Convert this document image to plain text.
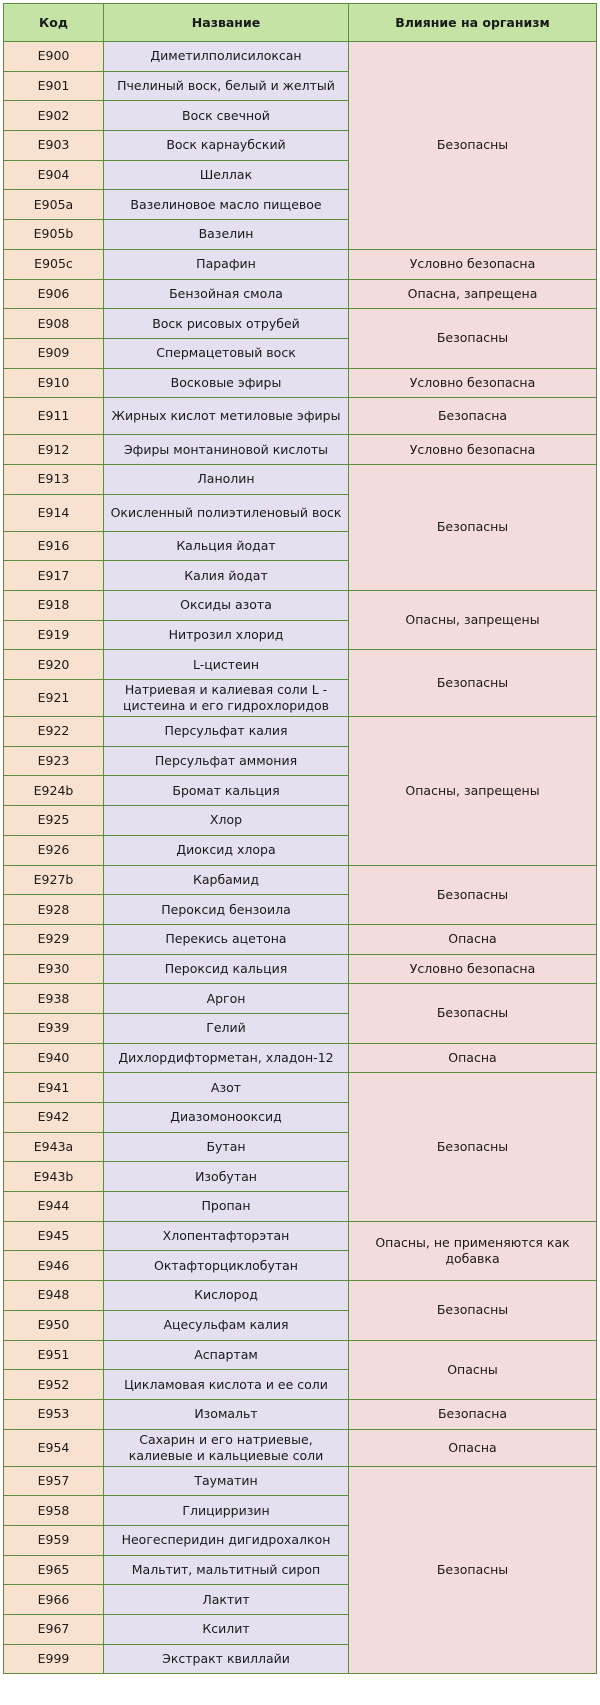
Код	Название	Влияние на организм
E900	Диметилполисилоксан	Безопасны
E901	Пчелиный воск, белый и желтый	
E902	Воск свечной	
E903	Воск карнаубский	
E904	Шеллак	
E905a	Вазелиновое масло пищевое	
E905b	Вазелин	
E905c	Парафин	Условно безопасна
E906	Бензойная смола	Опасна, запрещена
E908	Воск рисовых отрубей	Безопасны
E909	Спермацетовый воск	
E910	Восковые эфиры	Условно безопасна
E911	Жирных кислот метиловые эфиры	Безопасна
E912	Эфиры монтаниновой кислоты	Условно безопасна
E913	Ланолин	Безопасны
E914	Окисленный полиэтиленовый воск	
E916	Кальция йодат	
E917	Калия йодат	
E918	Оксиды азота	Опасны, запрещены
E919	Нитрозил хлорид	
E920	L-цистеин	Безопасны
E921	Натриевая и калиевая соли L - цистеина и его гидрохлоридов	
E922	Персульфат калия	Опасны, запрещены
E923	Персульфат аммония	
E924b	Бромат кальция	
E925	Хлор	
E926	Диоксид хлора	
E927b	Карбамид	Безопасны
E928	Пероксид бензоила	
E929	Перекись ацетона	Опасна
E930	Пероксид кальция	Условно безопасна
E938	Аргон	Безопасны
E939	Гелий	
E940	Дихлордифторметан, хладон-12	Опасна
E941	Азот	Безопасны
E942	Диазомонооксид	
E943a	Бутан	
E943b	Изобутан	
E944	Пропан	
E945	Хлопентафторэтан	Опасны, не применяются как добавка
E946	Октафторциклобутан	
E948	Кислород	Безопасны
E950	Ацесульфам калия	
E951	Аспартам	Опасны
E952	Цикламовая кислота и ее соли	
E953	Изомальт	Безопасна
E954	Сахарин и его натриевые, калиевые и кальциевые соли	Опасна
E957	Тауматин	Безопасны
E958	Глицирризин	
E959	Неогесперидин дигидрохалкон	
E965	Мальтит, мальтитный сироп	
E966	Лактит	
E967	Ксилит	
E999	Экстракт квиллайи	
